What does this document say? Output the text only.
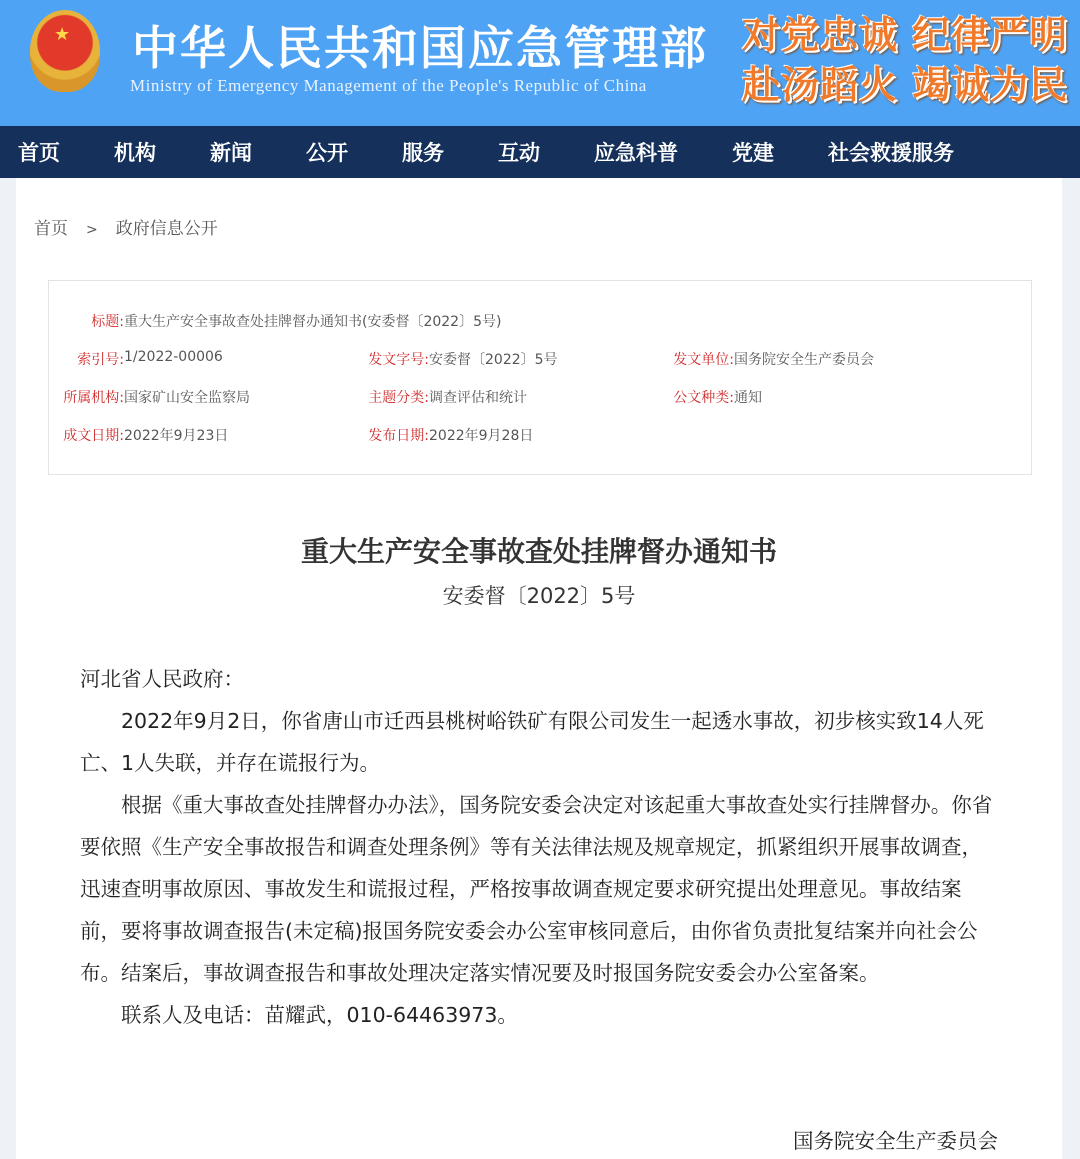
★ 中华人民共和国应急管理部
Ministry of Emergency Management of the People's Republic of China
对党忠诚 纪律严明
赴汤蹈火 竭诚为民
首页	机构	新闻	公开	服务	互动	应急科普	党建	社会救援服务
首页 > 政府信息公开
标题: 重大生产安全事故查处挂牌督办通知书(安委督〔2022〕5号)
索引号: 1/2022-00006	发文字号: 安委督〔2022〕5号	发文单位: 国务院安全生产委员会
所属机构: 国家矿山安全监察局	主题分类: 调查评估和统计	公文种类: 通知
成文日期: 2022年9月23日	发布日期: 2022年9月28日
重大生产安全事故查处挂牌督办通知书
安委督〔2022〕5号

河北省人民政府：

2022年9月2日，你省唐山市迁西县桃树峪铁矿有限公司发生一起透水事故，初步核实致14人死亡、1人失联，并存在谎报行为。

根据《重大事故查处挂牌督办办法》，国务院安委会决定对该起重大事故查处实行挂牌督办。你省要依照《生产安全事故报告和调查处理条例》等有关法律法规及规章规定，抓紧组织开展事故调查，迅速查明事故原因、事故发生和谎报过程，严格按事故调查规定要求研究提出处理意见。事故结案前，要将事故调查报告(未定稿)报国务院安委会办公室审核同意后，由你省负责批复结案并向社会公布。结案后，事故调查报告和事故处理决定落实情况要及时报国务院安委会办公室备案。

联系人及电话：苗耀武，010-64463973。

国务院安全生产委员会
